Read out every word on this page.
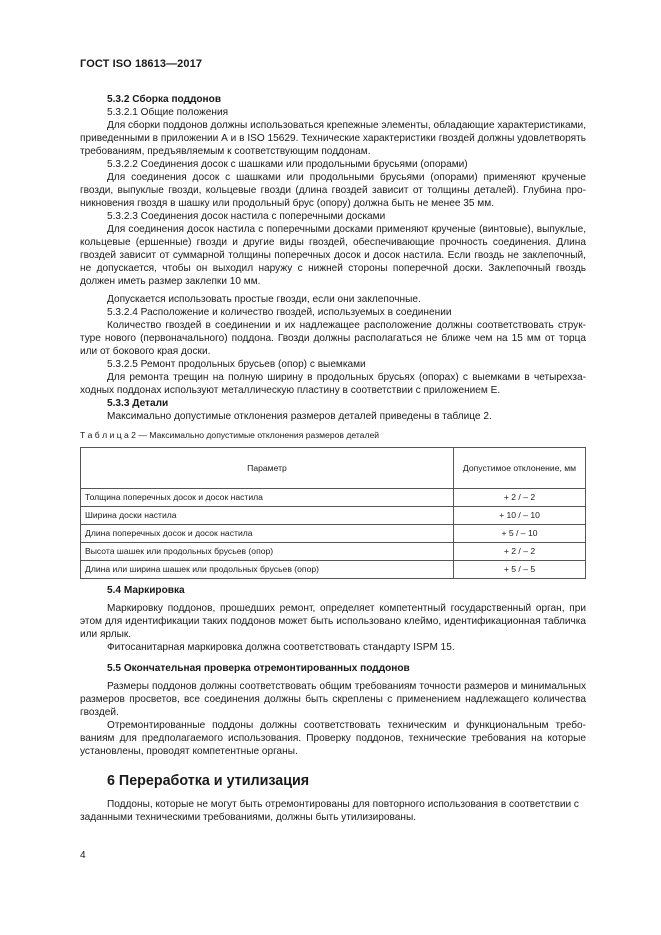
ГОСТ ISO 18613—2017

5.3.2 Сборка поддонов

5.3.2.1 Общие положения

Для сборки поддонов должны использоваться крепежные элементы, обладающие характеристиками, приведенными в приложении А и в ISO 15629. Технические характеристики гвоздей должны удовлетворять требованиям, предъявляемым к соответствующим поддонам.

5.3.2.2 Соединения досок с шашками или продольными брусьями (опорами)

Для соединения досок с шашками или продольными брусьями (опорами) применяют крученые гвозди, выпуклые гвозди, кольцевые гвозди (длина гвоздей зависит от толщины деталей). Глубина проникновения гвоздя в шашку или продольный брус (опору) должна быть не менее 35 мм.

5.3.2.3 Соединения досок настила с поперечными досками

Для соединения досок настила с поперечными досками применяют крученые (винтовые), выпуклые, кольцевые (ершенные) гвозди и другие виды гвоздей, обеспечивающие прочность соединения. Длина гвоздей зависит от суммарной толщины поперечных досок и досок настила. Если гвоздь не заклепочный, не допускается, чтобы он выходил наружу с нижней стороны поперечной доски. Заклепочный гвоздь должен иметь размер заклепки 10 мм.

Допускается использовать простые гвозди, если они заклепочные.

5.3.2.4 Расположение и количество гвоздей, используемых в соединении

Количество гвоздей в соединении и их надлежащее расположение должны соответствовать структуре нового (первоначального) поддона. Гвозди должны располагаться не ближе чем на 15 мм от торца или от бокового края доски.

5.3.2.5 Ремонт продольных брусьев (опор) с выемками

Для ремонта трещин на полную ширину в продольных брусьях (опорах) с выемками в четырехзаходных поддонах используют металлическую пластину в соответствии с приложением Е.

5.3.3 Детали

Максимально допустимые отклонения размеров деталей приведены в таблице 2.

Т а б л и ц а 2 — Максимально допустимые отклонения размеров деталей
Параметр	Допустимое отклонение, мм
Толщина поперечных досок и досок настила	+ 2 / – 2
Ширина доски настила	+ 10 / – 10
Длина поперечных досок и досок настила	+ 5 / – 10
Высота шашек или продольных брусьев (опор)	+ 2 / – 2
Длина или ширина шашек или продольных брусьев (опор)	+ 5 / – 5

5.4 Маркировка

Маркировку поддонов, прошедших ремонт, определяет компетентный государственный орган, при этом для идентификации таких поддонов может быть использовано клеймо, идентификационная табличка или ярлык.

Фитосанитарная маркировка должна соответствовать стандарту ISPM 15.

5.5 Окончательная проверка отремонтированных поддонов

Размеры поддонов должны соответствовать общим требованиям точности размеров и минимальных размеров просветов, все соединения должны быть скреплены с применением надлежащего количества гвоздей.

Отремонтированные поддоны должны соответствовать техническим и функциональным требованиям для предполагаемого использования. Проверку поддонов, технические требования на которые установлены, проводят компетентные органы.

6 Переработка и утилизация

Поддоны, которые не могут быть отремонтированы для повторного использования в соответствии с заданными техническими требованиями, должны быть утилизированы.

4
